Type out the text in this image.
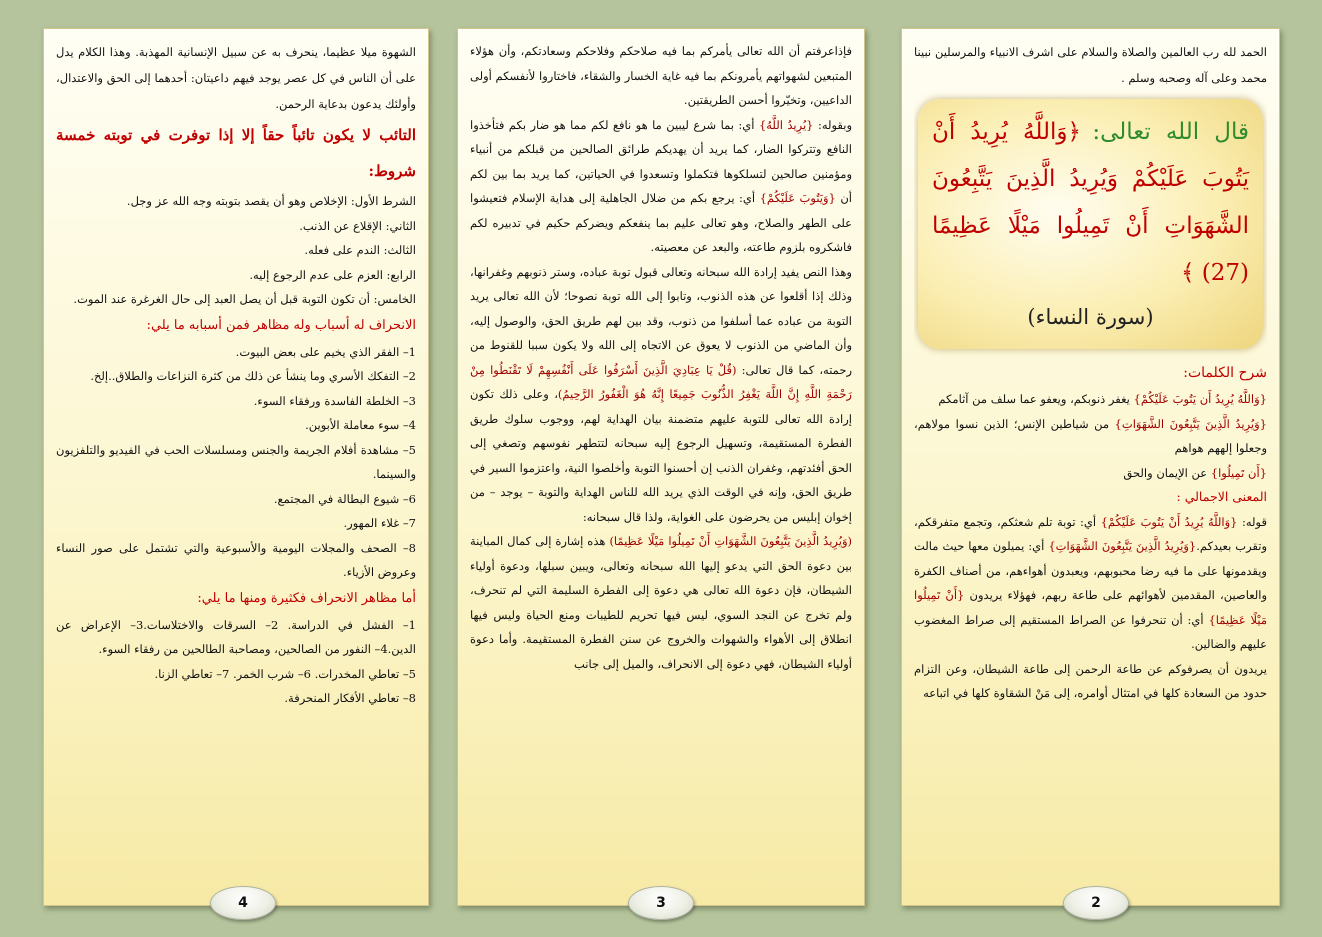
الحمد لله رب العالمين والصلاة والسلام على اشرف الانبياء والمرسلين نبينا محمد وعلى آله وصحبه وسلم .

قال الله تعالى: ﴿وَاللَّهُ يُرِيدُ أَنْ يَتُوبَ عَلَيْكُمْ وَيُرِيدُ الَّذِينَ يَتَّبِعُونَ الشَّهَوَاتِ أَنْ تَمِيلُوا مَيْلًا عَظِيمًا (27) ﴾
(سورة النساء)

شرح الكلمات:

{وَاللَّهُ يُرِيدُ أَن يَتُوبَ عَلَيْكُمْ} يغفر ذنوبكم، ويعفو عما سلف من آثامكم

{وَيُرِيدُ الَّذِينَ يَتَّبِعُونَ الشَّهَوَاتِ} من شياطين الإنس؛ الذين نسوا مولاهم، وجعلوا إلههم هواهم

{أَن تَمِيلُوا} عن الإيمان والحق

المعنى الاجمالي :

قوله: {وَاللَّهُ يُرِيدُ أَنْ يَتُوبَ عَلَيْكُمْ} أي: توبة تلم شعثكم، وتجمع متفرقكم، وتقرب بعيدكم.{وَيُرِيدُ الَّذِينَ يَتَّبِعُونَ الشَّهَوَاتِ} أي: يميلون معها حيث مالت ويقدمونها على ما فيه رضا محبوبهم، ويعبدون أهواءهم، من أصناف الكفرة والعاصين، المقدمين لأهوائهم على طاعة ربهم، فهؤلاء يريدون {أَنْ تَمِيلُوا مَيْلًا عَظِيمًا} أي: أن تنحرفوا عن الصراط المستقيم إلى صراط المغضوب عليهم والضالين.

يريدون أن يصرفوكم عن طاعة الرحمن إلى طاعة الشيطان، وعن التزام حدود من السعادة كلها في امتثال أوامره، إلى مَنْ الشقاوة كلها في اتباعه

2

فإذاعرفتم أن الله تعالى يأمركم بما فيه صلاحكم وفلاحكم وسعادتكم، وأن هؤلاء المتبعين لشهواتهم يأمرونكم بما فيه غاية الخسار والشقاء، فاختاروا لأنفسكم أولى الداعيين، وتخيّروا أحسن الطريقتين.

وبقوله: {يُرِيدُ اللَّهُ} أي: بما شرع ليبين ما هو نافع لكم مما هو ضار بكم فتأخذوا النافع وتتركوا الضار، كما يريد أن يهديكم طرائق الصالحين من قبلكم من أنبياء ومؤمنين صالحين لتسلكوها فتكملوا وتسعدوا في الحياتين، كما يريد بما بين لكم أن {وَيَتُوبَ عَلَيْكُمْ} أي: يرجع بكم من ضلال الجاهلية إلى هداية الإسلام فتعيشوا على الطهر والصلاح، وهو تعالى عليم بما ينفعكم ويضركم حكيم في تدبيره لكم فاشكروه بلزوم طاعته، والبعد عن معصيته.

وهذا النص يفيد إرادة الله سبحانه وتعالى قبول توبة عباده، وستر ذنوبهم وغفرانها، وذلك إذا أقلعوا عن هذه الذنوب، وتابوا إلى الله توبة نصوحا؛ لأن الله تعالى يريد التوبة من عباده عما أسلفوا من ذنوب، وقد بين لهم طريق الحق، والوصول إليه، وأن الماضي من الذنوب لا يعوق عن الاتجاه إلى الله ولا يكون سببا للقنوط من رحمته، كما قال تعالى: (قُلْ يَا عِبَادِيَ الَّذِينَ أَسْرَفُوا عَلَى أَنْفُسِهِمْ لَا تَقْنَطُوا مِنْ رَحْمَةِ اللَّهِ إِنَّ اللَّهَ يَغْفِرُ الذُّنُوبَ جَمِيعًا إِنَّهُ هُوَ الْغَفُورُ الرَّحِيمُ)، وعلى ذلك تكون إرادة الله تعالى للتوبة عليهم متضمنة بيان الهداية لهم، ووجوب سلوك طريق الفطرة المستقيمة، وتسهيل الرجوع إليه سبحانه لتتطهر نفوسهم وتصغي إلى الحق أفئدتهم، وغفران الذنب إن أحسنوا التوبة وأخلصوا النية، واعتزموا السير في طريق الحق، وإنه في الوقت الذي يريد الله للناس الهداية والتوبة – يوجد – من إخوان إبليس من يحرضون على الغواية، ولذا قال سبحانه:

(وَيُرِيدُ الَّذِينَ يَتَّبِعُونَ الشَّهَوَاتِ أَنْ تَمِيلُوا مَيْلًا عَظِيمًا) هذه إشارة إلى كمال المباينة بين دعوة الحق التي يدعو إليها الله سبحانه وتعالى، ويبين سبلها، ودعوة أولياء الشيطان، فإن دعوة الله تعالى هي دعوة إلى الفطرة السليمة التي لم تنحرف، ولم تخرج عن النجد السوي، ليس فيها تحريم للطيبات ومنع الحياة وليس فيها انطلاق إلى الأهواء والشهوات والخروج عن سنن الفطرة المستقيمة. وأما دعوة أولياء الشيطان، فهي دعوة إلى الانحراف، والميل إلى جانب

3

الشهوة ميلا عظيما، ينحرف به عن سبيل الإنسانية المهذبة. وهذا الكلام يدل على أن الناس في كل عصر يوجد فيهم داعيتان: أحدهما إلى الحق والاعتدال، وأولئك يدعون بدعاية الرحمن.

التائب لا يكون تائباً حقاً إلا إذا توفرت في توبته خمسة شروط:

الشرط الأول: الإخلاص وهو أن يقصد بتوبته وجه الله عز وجل.

الثاني: الإقلاع عن الذنب.

الثالث: الندم على فعله.

الرابع: العزم على عدم الرجوع إليه.

الخامس: أن تكون التوبة قبل أن يصل العبد إلى حال الغرغرة عند الموت.

الانحراف له أسباب وله مظاهر فمن أسبابه ما يلي:

1– الفقر الذي يخيم على بعض البيوت.

2– التفكك الأسري وما ينشأ عن ذلك من كثرة النزاعات والطلاق..إلخ.

3– الخلطة الفاسدة ورفقاء السوء.

4– سوء معاملة الأبوين.

5– مشاهدة أفلام الجريمة والجنس ومسلسلات الحب في الفيديو والتلفزيون والسينما.

6– شيوع البطالة في المجتمع.

7– غلاء المهور.

8– الصحف والمجلات اليومية والأسبوعية والتي تشتمل على صور النساء وعروض الأزياء.

أما مظاهر الانحراف فكثيرة ومنها ما يلي:

1– الفشل في الدراسة. 2– السرقات والاختلاسات.3– الإعراض عن الدين.4– النفور من الصالحين، ومصاحبة الطالحين من رفقاء السوء.

5– تعاطي المخدرات. 6– شرب الخمر. 7– تعاطي الزنا.

8– تعاطي الأفكار المنحرفة.

4
